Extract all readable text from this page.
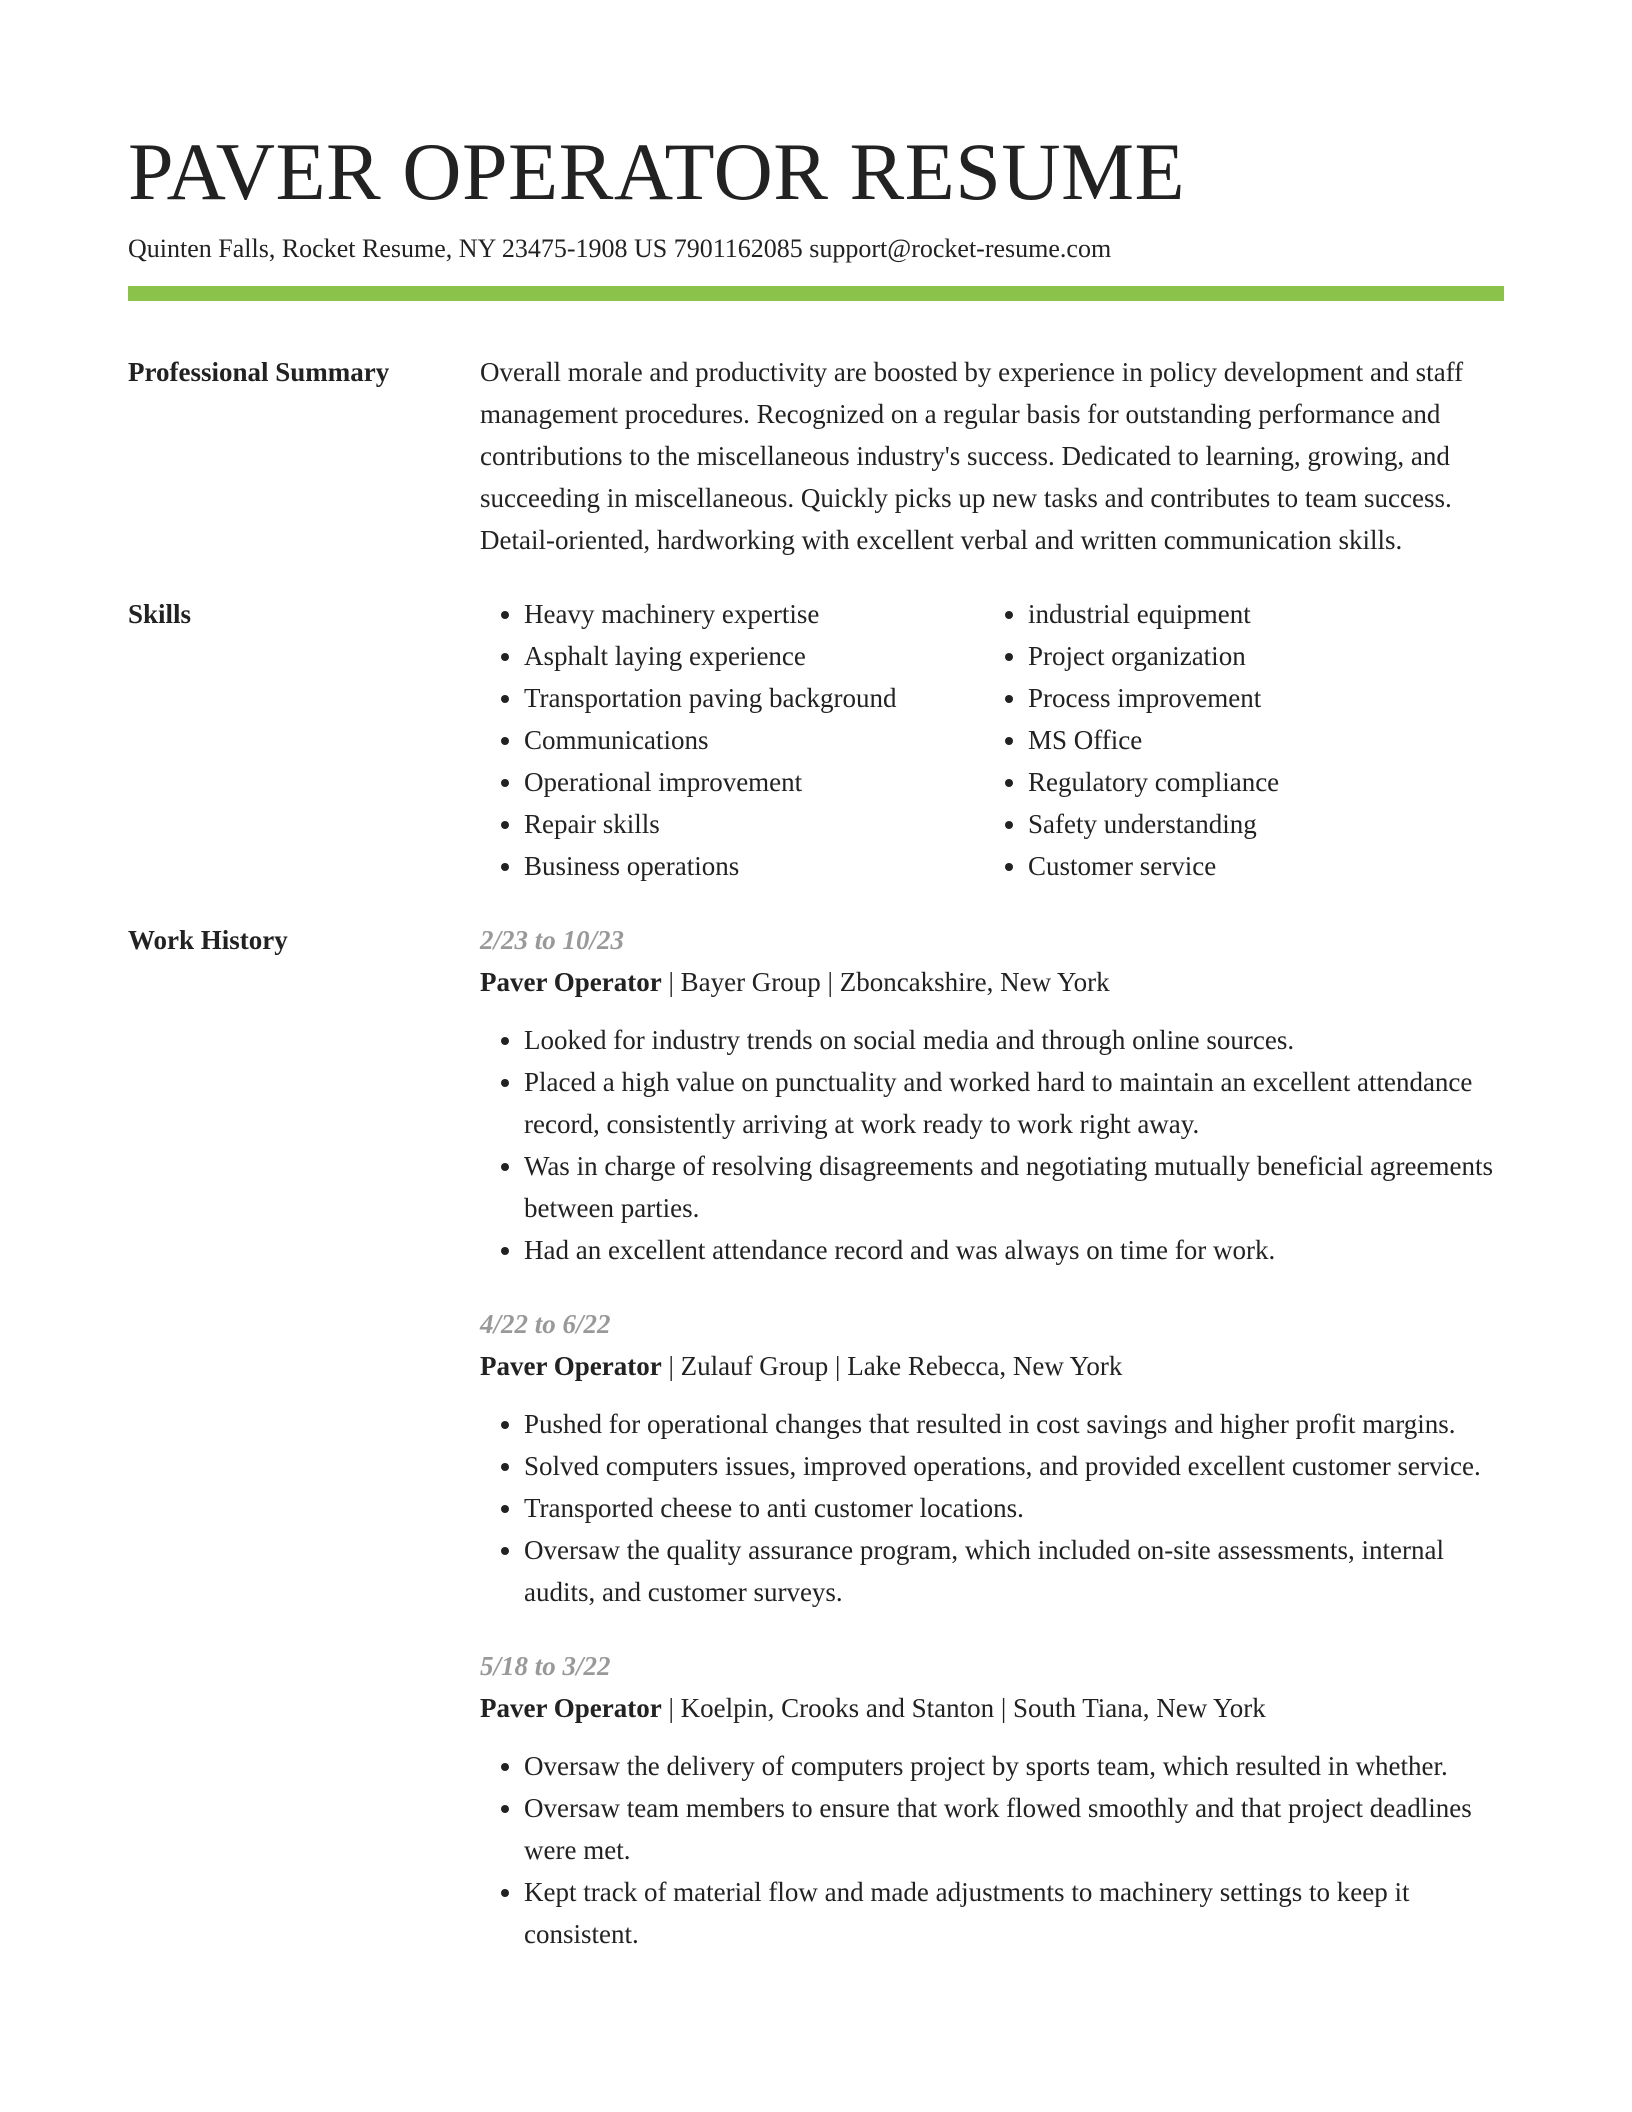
PAVER OPERATOR RESUME
Quinten Falls, Rocket Resume, NY 23475-1908 US 7901162085 support@rocket-resume.com
Professional Summary	Overall morale and productivity are boosted by experience in policy development and staff management procedures. Recognized on a regular basis for outstanding performance and contributions to the miscellaneous industry's success. Dedicated to learning, growing, and succeeding in miscellaneous. Quickly picks up new tasks and contributes to team success. Detail-oriented, hardworking with excellent verbal and written communication skills.
Skills
•	Heavy machinery expertise
• Asphalt laying experience
• Transportation paving background
• Communications
• Operational improvement
• Repair skills
• Business operations
• industrial equipment
• Project organization
• Process improvement
• MS Office
• Regulatory compliance
• Safety understanding
• Customer service
Work History	2/23 to 10/23
Paver Operator | Bayer Group | Zboncakshire, New York
• Looked for industry trends on social media and through online sources.
• Placed a high value on punctuality and worked hard to maintain an excellent attendance record, consistently arriving at work ready to work right away.
• Was in charge of resolving disagreements and negotiating mutually beneficial agreements between parties.
• Had an excellent attendance record and was always on time for work.
4/22 to 6/22
Paver Operator | Zulauf Group | Lake Rebecca, New York
• Pushed for operational changes that resulted in cost savings and higher profit margins.
• Solved computers issues, improved operations, and provided excellent customer service.
• Transported cheese to anti customer locations.
• Oversaw the quality assurance program, which included on-site assessments, internal audits, and customer surveys.
5/18 to 3/22
Paver Operator | Koelpin, Crooks and Stanton | South Tiana, New York
• Oversaw the delivery of computers project by sports team, which resulted in whether.
• Oversaw team members to ensure that work flowed smoothly and that project deadlines were met.
• Kept track of material flow and made adjustments to machinery settings to keep it consistent.
